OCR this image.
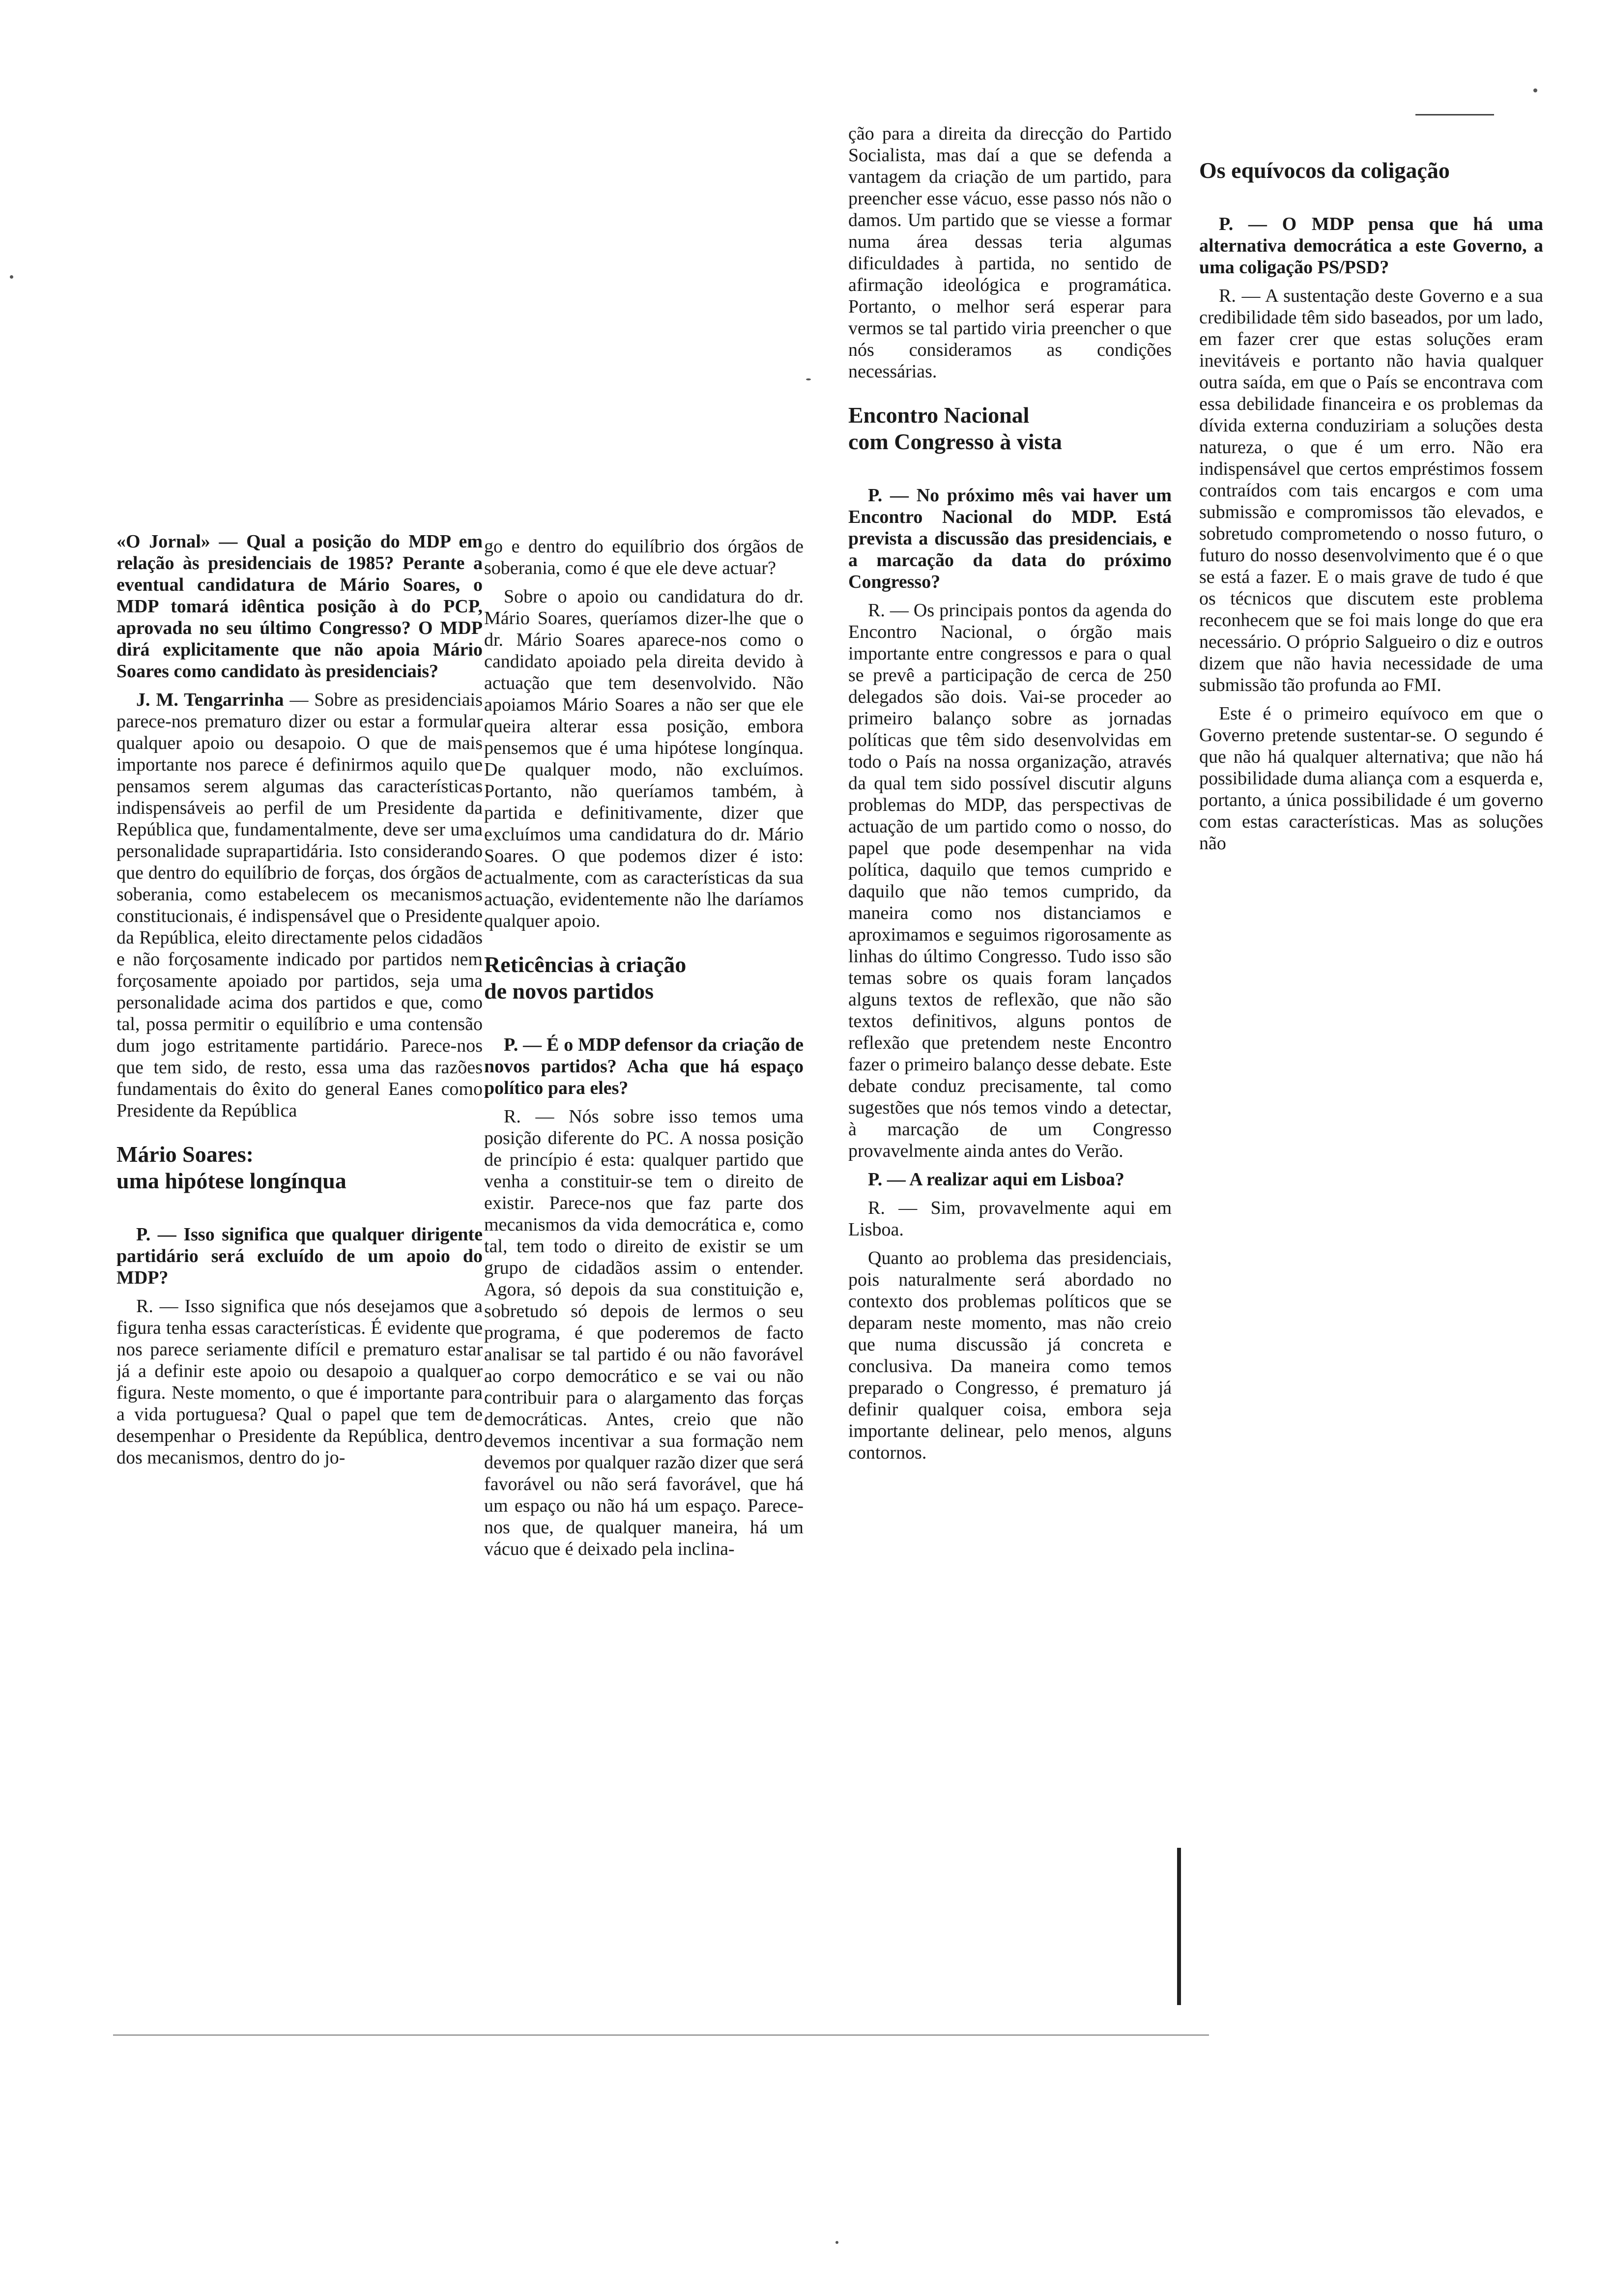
«O Jornal» — Qual a posição do MDP em relação às presidenciais de 1985? Perante a eventual candidatura de Mário Soares, o MDP tomará idêntica posição à do PCP, aprovada no seu último Congresso? O MDP dirá explicitamente que não apoia Mário Soares como candidato às presidenciais?

J. M. Tengarrinha — Sobre as presidenciais parece-nos prematuro dizer ou estar a formular qualquer apoio ou desapoio. O que de mais importante nos parece é definirmos aquilo que pensamos serem algumas das características indispensáveis ao perfil de um Presidente da República que, fundamentalmente, deve ser uma personalidade suprapartidária. Isto considerando que dentro do equilíbrio de forças, dos órgãos de soberania, como estabelecem os mecanismos constitucionais, é indispensável que o Presidente da República, eleito directamente pelos cidadãos e não forçosamente indicado por partidos nem forçosamente apoiado por partidos, seja uma personalidade acima dos partidos e que, como tal, possa permitir o equilíbrio e uma contensão dum jogo estritamente partidário. Parece-nos que tem sido, de resto, essa uma das razões fundamentais do êxito do general Eanes como Presidente da República

Mário Soares:
uma hipótese longínqua

P. — Isso significa que qualquer dirigente partidário será excluído de um apoio do MDP?

R. — Isso significa que nós desejamos que a figura tenha essas características. É evidente que nos parece seriamente difícil e prematuro estar já a definir este apoio ou desapoio a qualquer figura. Neste momento, o que é importante para a vida portuguesa? Qual o papel que tem de desempenhar o Presidente da República, dentro dos mecanismos, dentro do jo-

go e dentro do equilíbrio dos órgãos de soberania, como é que ele deve actuar?

Sobre o apoio ou candidatura do dr. Mário Soares, queríamos dizer-lhe que o dr. Mário Soares aparece-nos como o candidato apoiado pela direita devido à actuação que tem desenvolvido. Não apoiamos Mário Soares a não ser que ele queira alterar essa posição, embora pensemos que é uma hipótese longínqua. De qualquer modo, não excluímos. Portanto, não queríamos também, à partida e definitivamente, dizer que excluímos uma candidatura do dr. Mário Soares. O que podemos dizer é isto: actualmente, com as características da sua actuação, evidentemente não lhe daríamos qualquer apoio.

Reticências à criação
de novos partidos

P. — É o MDP defensor da criação de novos partidos? Acha que há espaço político para eles?

R. — Nós sobre isso temos uma posição diferente do PC. A nossa posição de princípio é esta: qualquer partido que venha a constituir-se tem o direito de existir. Parece-nos que faz parte dos mecanismos da vida democrática e, como tal, tem todo o direito de existir se um grupo de cidadãos assim o entender. Agora, só depois da sua constituição e, sobretudo só depois de lermos o seu programa, é que poderemos de facto analisar se tal partido é ou não favorável ao corpo democrático e se vai ou não contribuir para o alargamento das forças democráticas. Antes, creio que não devemos incentivar a sua formação nem devemos por qualquer razão dizer que será favorável ou não será favorável, que há um espaço ou não há um espaço. Parece-nos que, de qualquer maneira, há um vácuo que é deixado pela inclina-

ção para a direita da direcção do Partido Socialista, mas daí a que se defenda a vantagem da criação de um partido, para preencher esse vácuo, esse passo nós não o damos. Um partido que se viesse a formar numa área dessas teria algumas dificuldades à partida, no sentido de afirmação ideológica e programática. Portanto, o melhor será esperar para vermos se tal partido viria preencher o que nós consideramos as condições necessárias.

Encontro Nacional
com Congresso à vista

P. — No próximo mês vai haver um Encontro Nacional do MDP. Está prevista a discussão das presidenciais, e a marcação da data do próximo Congresso?

R. — Os principais pontos da agenda do Encontro Nacional, o órgão mais importante entre congressos e para o qual se prevê a participação de cerca de 250 delegados são dois. Vai-se proceder ao primeiro balanço sobre as jornadas políticas que têm sido desenvolvidas em todo o País na nossa organização, através da qual tem sido possível discutir alguns problemas do MDP, das perspectivas de actuação de um partido como o nosso, do papel que pode desempenhar na vida política, daquilo que temos cumprido e daquilo que não temos cumprido, da maneira como nos distanciamos e aproximamos e seguimos rigorosamente as linhas do último Congresso. Tudo isso são temas sobre os quais foram lançados alguns textos de reflexão, que não são textos definitivos, alguns pontos de reflexão que pretendem neste Encontro fazer o primeiro balanço desse debate. Este debate conduz precisamente, tal como sugestões que nós temos vindo a detectar, à marcação de um Congresso provavelmente ainda antes do Verão.

P. — A realizar aqui em Lisboa?

R. — Sim, provavelmente aqui em Lisboa.

Quanto ao problema das presidenciais, pois naturalmente será abordado no contexto dos problemas políticos que se deparam neste momento, mas não creio que numa discussão já concreta e conclusiva. Da maneira como temos preparado o Congresso, é prematuro já definir qualquer coisa, embora seja importante delinear, pelo menos, alguns contornos.

Os equívocos da coligação

P. — O MDP pensa que há uma alternativa democrática a este Governo, a uma coligação PS/PSD?

R. — A sustentação deste Governo e a sua credibilidade têm sido baseados, por um lado, em fazer crer que estas soluções eram inevitáveis e portanto não havia qualquer outra saída, em que o País se encontrava com essa debilidade financeira e os problemas da dívida externa conduziriam a soluções desta natureza, o que é um erro. Não era indispensável que certos empréstimos fossem contraídos com tais encargos e com uma submissão e compromissos tão elevados, e sobretudo comprometendo o nosso futuro, o futuro do nosso desenvolvimento que é o que se está a fazer. E o mais grave de tudo é que os técnicos que discutem este problema reconhecem que se foi mais longe do que era necessário. O próprio Salgueiro o diz e outros dizem que não havia necessidade de uma submissão tão profunda ao FMI.

Este é o primeiro equívoco em que o Governo pretende sustentar-se. O segundo é que não há qualquer alternativa; que não há possibilidade duma aliança com a esquerda e, portanto, a única possibilidade é um governo com estas características. Mas as soluções não
